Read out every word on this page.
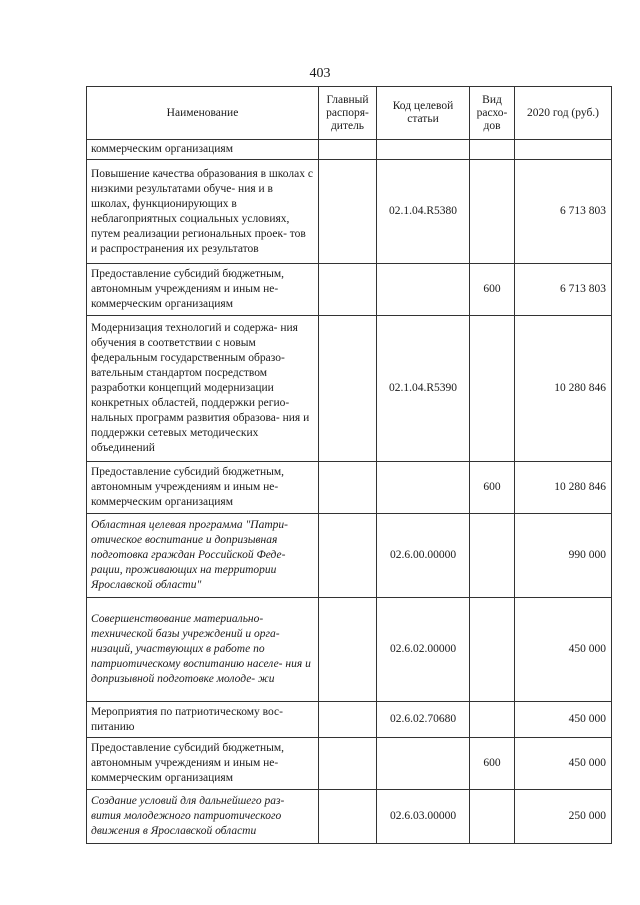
403
Наименование	Главный распоря- дитель	Код целевой статьи	Вид расхо- дов	2020 год (руб.)
коммерческим организациям				
Повышение качества образования в школах с низкими результатами обуче- ния и в школах, функционирующих в неблагоприятных социальных условиях, путем реализации региональных проек- тов и распространения их результатов		02.1.04.R5380		6 713 803
Предоставление субсидий бюджетным, автономным учреждениям и иным не- коммерческим организациям			600	6 713 803
Модернизация технологий и содержа- ния обучения в соответствии с новым федеральным государственным образо- вательным стандартом посредством разработки концепций модернизации конкретных областей, поддержки регио- нальных программ развития образова- ния и поддержки сетевых методических объединений		02.1.04.R5390		10 280 846
Предоставление субсидий бюджетным, автономным учреждениям и иным не- коммерческим организациям			600	10 280 846
Областная целевая программа "Патри- отическое воспитание и допризывная подготовка граждан Российской Феде- рации, проживающих на территории Ярославской области"		02.6.00.00000		990 000
Совершенствование материально- технической базы учреждений и орга- низаций, участвующих в работе по патриотическому воспитанию населе- ния и допризывной подготовке молоде- жи		02.6.02.00000		450 000
Мероприятия по патриотическому вос- питанию		02.6.02.70680		450 000
Предоставление субсидий бюджетным, автономным учреждениям и иным не- коммерческим организациям			600	450 000
Создание условий для дальнейшего раз- вития молодежного патриотического движения в Ярославской области		02.6.03.00000		250 000
